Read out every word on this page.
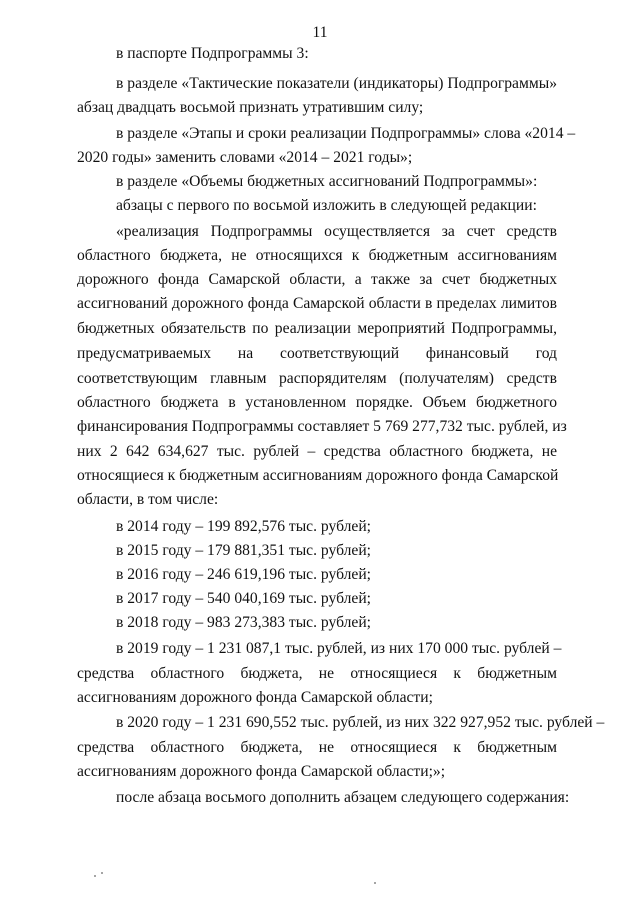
11
в паспорте Подпрограммы 3:
в разделе «Тактические показатели (индикаторы) Подпрограммы»
абзац двадцать восьмой признать утратившим силу;
в разделе «Этапы и сроки реализации Подпрограммы» слова «2014 –
2020 годы» заменить словами «2014 – 2021 годы»;
в разделе «Объемы бюджетных ассигнований Подпрограммы»:
абзацы с первого по восьмой изложить в следующей редакции:
«реализация Подпрограммы осуществляется за счет средств
областного бюджета, не относящихся к бюджетным ассигнованиям
дорожного фонда Самарской области, а также за счет бюджетных
ассигнований дорожного фонда Самарской области в пределах лимитов
бюджетных обязательств по реализации мероприятий Подпрограммы,
предусматриваемых на соответствующий финансовый год
соответствующим главным распорядителям (получателям) средств
областного бюджета в установленном порядке. Объем бюджетного
финансирования Подпрограммы составляет 5 769 277,732 тыс. рублей, из
них 2 642 634,627 тыс. рублей – средства областного бюджета, не
относящиеся к бюджетным ассигнованиям дорожного фонда Самарской
области, в том числе:
в 2014 году – 199 892,576 тыс. рублей;
в 2015 году – 179 881,351 тыс. рублей;
в 2016 году – 246 619,196 тыс. рублей;
в 2017 году – 540 040,169 тыс. рублей;
в 2018 году – 983 273,383 тыс. рублей;
в 2019 году – 1 231 087,1 тыс. рублей, из них 170 000 тыс. рублей –
средства областного бюджета, не относящиеся к бюджетным
ассигнованиям дорожного фонда Самарской области;
в 2020 году – 1 231 690,552 тыс. рублей, из них 322 927,952 тыс. рублей –
средства областного бюджета, не относящиеся к бюджетным
ассигнованиям дорожного фонда Самарской области;»;
после абзаца восьмого дополнить абзацем следующего содержания:
